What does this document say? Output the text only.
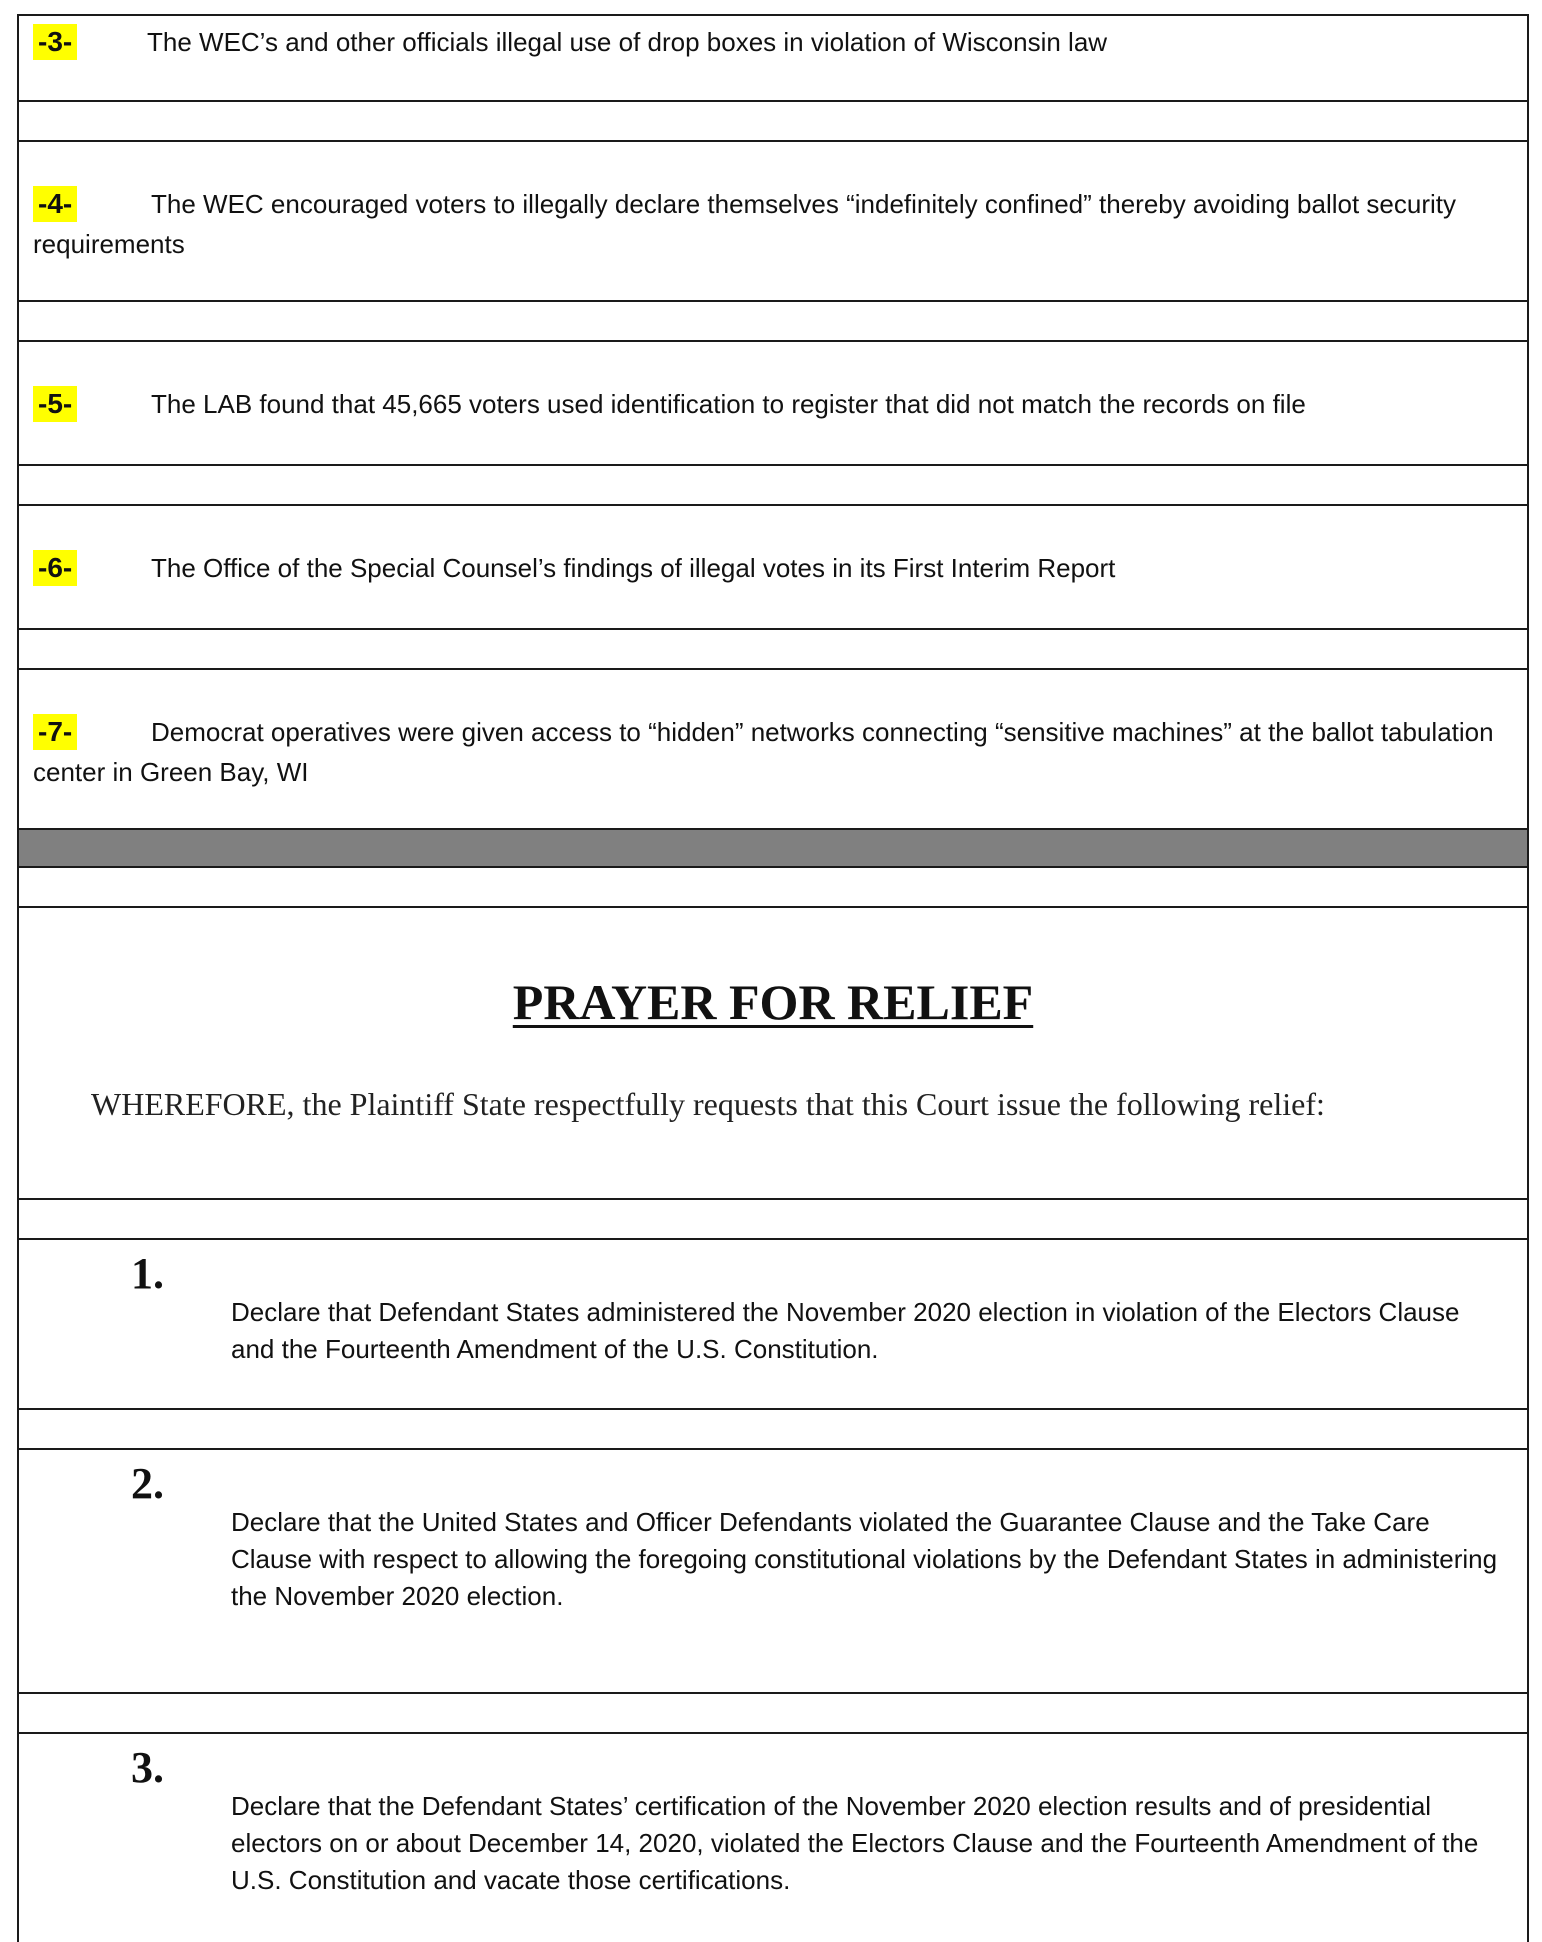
-3-	The WEC’s and other officials illegal use of drop boxes in violation of Wisconsin law
-4-	The WEC encouraged voters to illegally declare themselves “indefinitely confined” thereby avoiding ballot security requirements
-5-	The LAB found that 45,665 voters used identification to register that did not match the records on file
-6-	The Office of the Special Counsel’s findings of illegal votes in its First Interim Report
-7-	Democrat operatives were given access to “hidden” networks connecting “sensitive machines” at the ballot tabulation center in Green Bay, WI
PRAYER FOR RELIEF
WHEREFORE, the Plaintiff State respectfully requests that this Court issue the following relief:
1.
Declare that Defendant States administered the November 2020 election in violation of the Electors Clause and the Fourteenth Amendment of the U.S. Constitution.
2.
Declare that the United States and Officer Defendants violated the Guarantee Clause and the Take Care Clause with respect to allowing the foregoing constitutional violations by the Defendant States in administering the November 2020 election.
3.
Declare that the Defendant States’ certification of the November 2020 election results and of presidential electors on or about December 14, 2020, violated the Electors Clause and the Fourteenth Amendment of the U.S. Constitution and vacate those certifications.
